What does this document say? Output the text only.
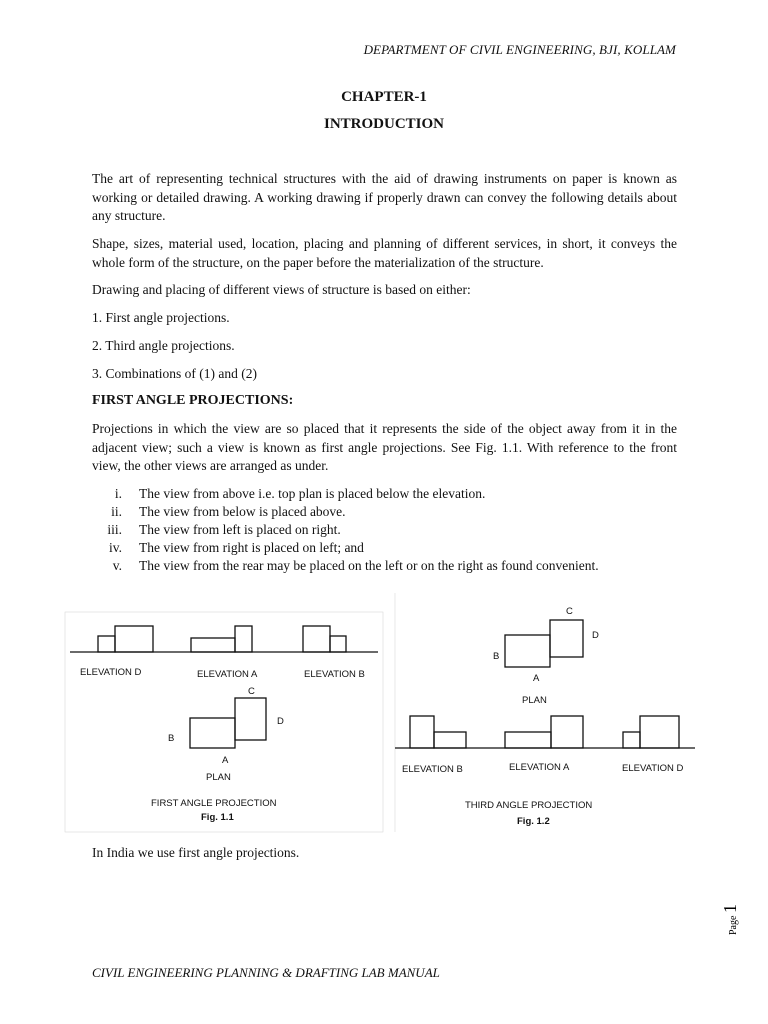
DEPARTMENT OF CIVIL ENGINEERING, BJI, KOLLAM
CHAPTER-1
INTRODUCTION
The art of representing technical structures with the aid of drawing instruments on paper is known as working or detailed drawing. A working drawing if properly drawn can convey the following details about any structure.
Shape, sizes, material used, location, placing and planning of different services, in short, it conveys the whole form of the structure, on the paper before the materialization of the structure.
Drawing and placing of different views of structure is based on either:
1. First angle projections.
2. Third angle projections.
3. Combinations of (1) and (2)
FIRST ANGLE PROJECTIONS:
Projections in which the view are so placed that it represents the side of the object away from it in the adjacent view; such a view is known as first angle projections. See Fig. 1.1. With reference to the front view, the other views are arranged as under.
i. The view from above i.e. top plan is placed below the elevation.
ii. The view from below is placed above.
iii. The view from left is placed on right.
iv. The view from right is placed on left; and
v. The view from the rear may be placed on the left or on the right as found convenient.
ELEVATION D	ELEVATION A	ELEVATION B
C
D
B
A
PLAN
FIRST ANGLE PROJECTION
Fig. 1.1
C
D
B
A
PLAN
ELEVATION B	ELEVATION A	ELEVATION D
THIRD ANGLE PROJECTION
Fig. 1.2
In India we use first angle projections.
Page
1
CIVIL ENGINEERING PLANNING & DRAFTING LAB MANUAL
